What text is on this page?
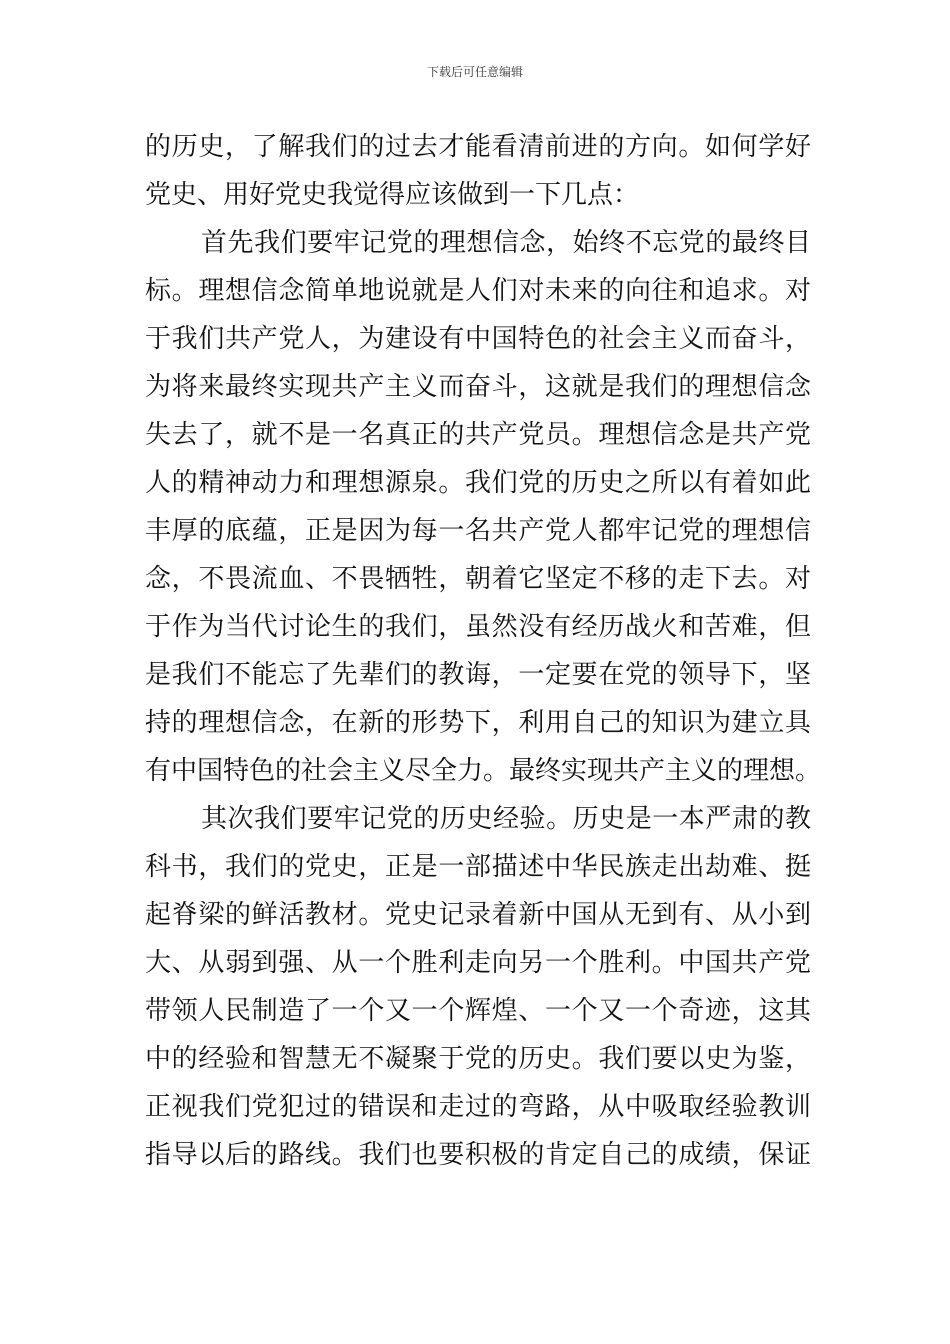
下载后可任意编辑
的历史，了解我们的过去才能看清前进的方向。如何学好
党史、用好党史我觉得应该做到一下几点：
首先我们要牢记党的理想信念，始终不忘党的最终目
标。理想信念简单地说就是人们对未来的向往和追求。对
于我们共产党人，为建设有中国特色的社会主义而奋斗，
为将来最终实现共产主义而奋斗，这就是我们的理想信念
失去了，就不是一名真正的共产党员。理想信念是共产党
人的精神动力和理想源泉。我们党的历史之所以有着如此
丰厚的底蕴，正是因为每一名共产党人都牢记党的理想信
念，不畏流血、不畏牺牲，朝着它坚定不移的走下去。对
于作为当代讨论生的我们，虽然没有经历战火和苦难，但
是我们不能忘了先辈们的教诲，一定要在党的领导下，坚
持的理想信念，在新的形势下，利用自己的知识为建立具
有中国特色的社会主义尽全力。最终实现共产主义的理想。
其次我们要牢记党的历史经验。历史是一本严肃的教
科书，我们的党史，正是一部描述中华民族走出劫难、挺
起脊梁的鲜活教材。党史记录着新中国从无到有、从小到
大、从弱到强、从一个胜利走向另一个胜利。中国共产党
带领人民制造了一个又一个辉煌、一个又一个奇迹，这其
中的经验和智慧无不凝聚于党的历史。我们要以史为鉴，
正视我们党犯过的错误和走过的弯路，从中吸取经验教训
指导以后的路线。我们也要积极的肯定自己的成绩，保证
